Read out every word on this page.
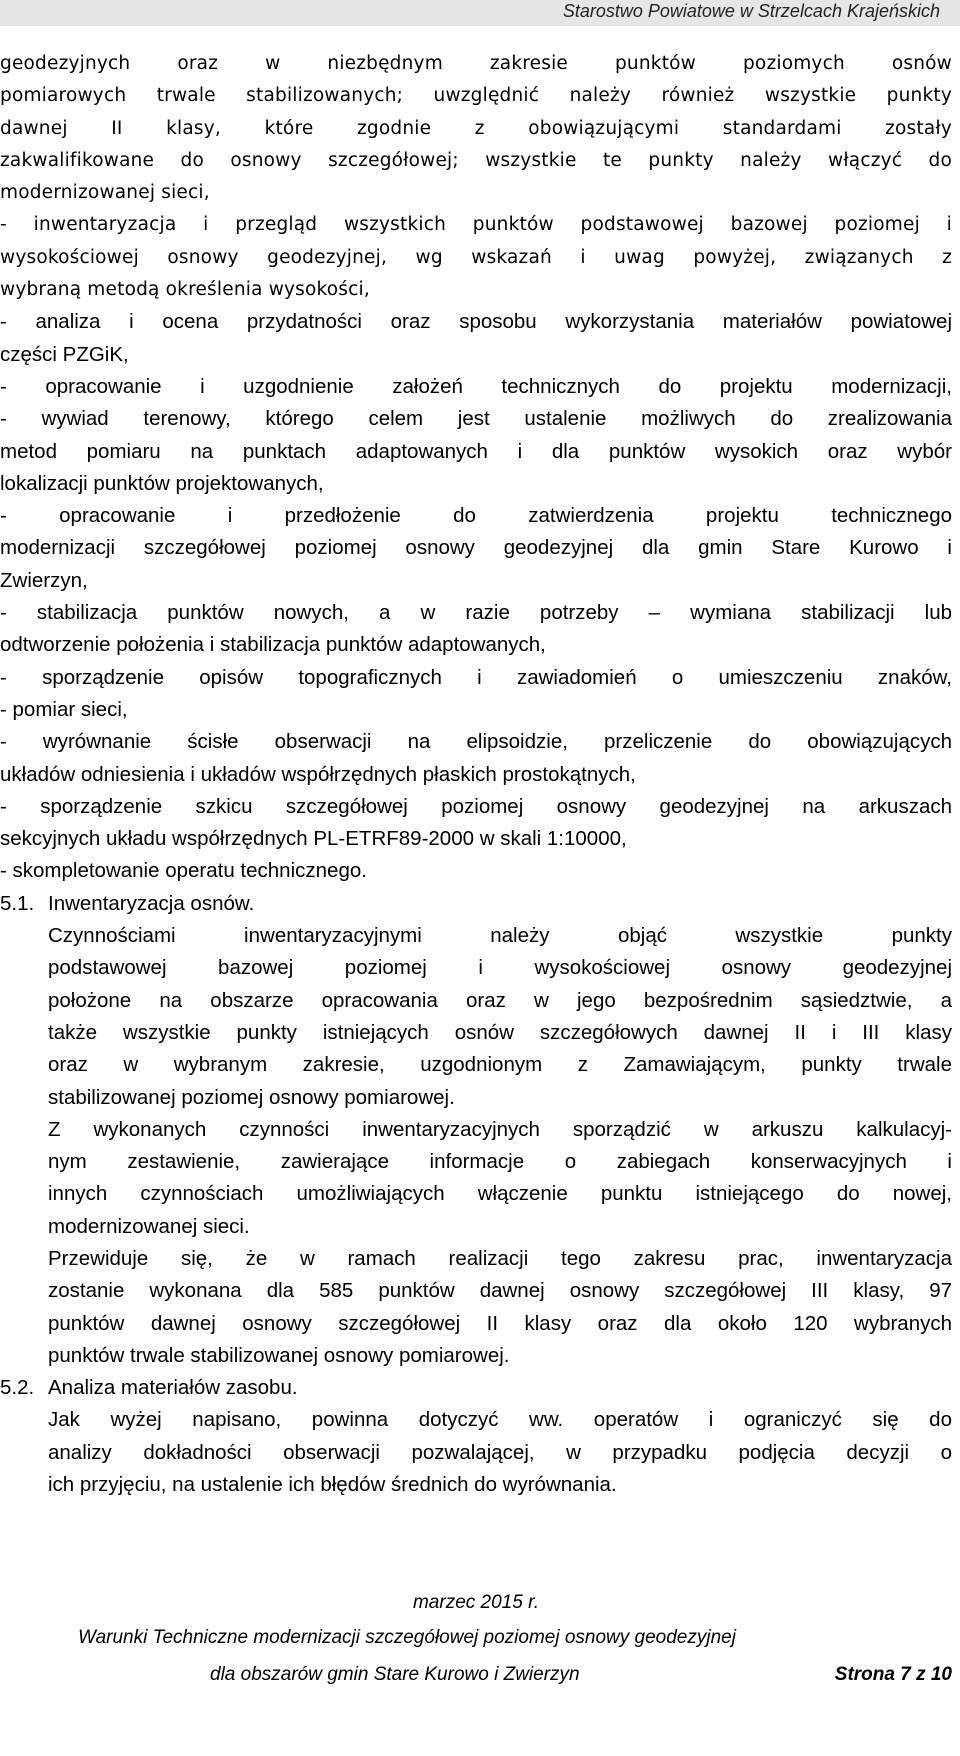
Starostwo Powiatowe w Strzelcach Krajeńskich
geodezyjnych oraz w niezbędnym zakresie punktów poziomych osnów
pomiarowych trwale stabilizowanych; uwzględnić należy również wszystkie punkty
dawnej II klasy, które zgodnie z obowiązującymi standardami zostały
zakwalifikowane do osnowy szczegółowej; wszystkie te punkty należy włączyć do
modernizowanej sieci,
- inwentaryzacja i przegląd wszystkich punktów podstawowej bazowej poziomej i
wysokościowej osnowy geodezyjnej, wg wskazań i uwag powyżej, związanych z
wybraną metodą określenia wysokości,
- analiza i ocena przydatności oraz sposobu wykorzystania materiałów powiatowej
części PZGiK,
- opracowanie i uzgodnienie założeń technicznych do projektu modernizacji,
- wywiad terenowy, którego celem jest ustalenie możliwych do zrealizowania
metod pomiaru na punktach adaptowanych i dla punktów wysokich oraz wybór
lokalizacji punktów projektowanych,
- opracowanie i przedłożenie do zatwierdzenia projektu technicznego
modernizacji szczegółowej poziomej osnowy geodezyjnej dla gmin Stare Kurowo i
Zwierzyn,
- stabilizacja punktów nowych, a w razie potrzeby – wymiana stabilizacji lub
odtworzenie położenia i stabilizacja punktów adaptowanych,
- sporządzenie opisów topograficznych i zawiadomień o umieszczeniu znaków,
- pomiar sieci,
- wyrównanie ścisłe obserwacji na elipsoidzie, przeliczenie do obowiązujących
układów odniesienia i układów współrzędnych płaskich prostokątnych,
- sporządzenie szkicu szczegółowej poziomej osnowy geodezyjnej na arkuszach
sekcyjnych układu współrzędnych PL-ETRF89-2000 w skali 1:10000,
- skompletowanie operatu technicznego.
5.1. Inwentaryzacja osnów.
Czynnościami inwentaryzacyjnymi należy objąć wszystkie punkty
podstawowej bazowej poziomej i wysokościowej osnowy geodezyjnej
położone na obszarze opracowania oraz w jego bezpośrednim sąsiedztwie, a
także wszystkie punkty istniejących osnów szczegółowych dawnej II i III klasy
oraz w wybranym zakresie, uzgodnionym z Zamawiającym, punkty trwale
stabilizowanej poziomej osnowy pomiarowej.
Z wykonanych czynności inwentaryzacyjnych sporządzić w arkuszu kalkulacyj-
nym zestawienie, zawierające informacje o zabiegach konserwacyjnych i
innych czynnościach umożliwiających włączenie punktu istniejącego do nowej,
modernizowanej sieci.
Przewiduje się, że w ramach realizacji tego zakresu prac, inwentaryzacja
zostanie wykonana dla 585 punktów dawnej osnowy szczegółowej III klasy, 97
punktów dawnej osnowy szczegółowej II klasy oraz dla około 120 wybranych
punktów trwale stabilizowanej osnowy pomiarowej.
5.2. Analiza materiałów zasobu.
Jak wyżej napisano, powinna dotyczyć ww. operatów i ograniczyć się do
analizy dokładności obserwacji pozwalającej, w przypadku podjęcia decyzji o
ich przyjęciu, na ustalenie ich błędów średnich do wyrównania.
marzec 2015 r.
Warunki Techniczne modernizacji szczegółowej poziomej osnowy geodezyjnej
dla obszarów gmin Stare Kurowo i Zwierzyn	Strona 7 z 10
